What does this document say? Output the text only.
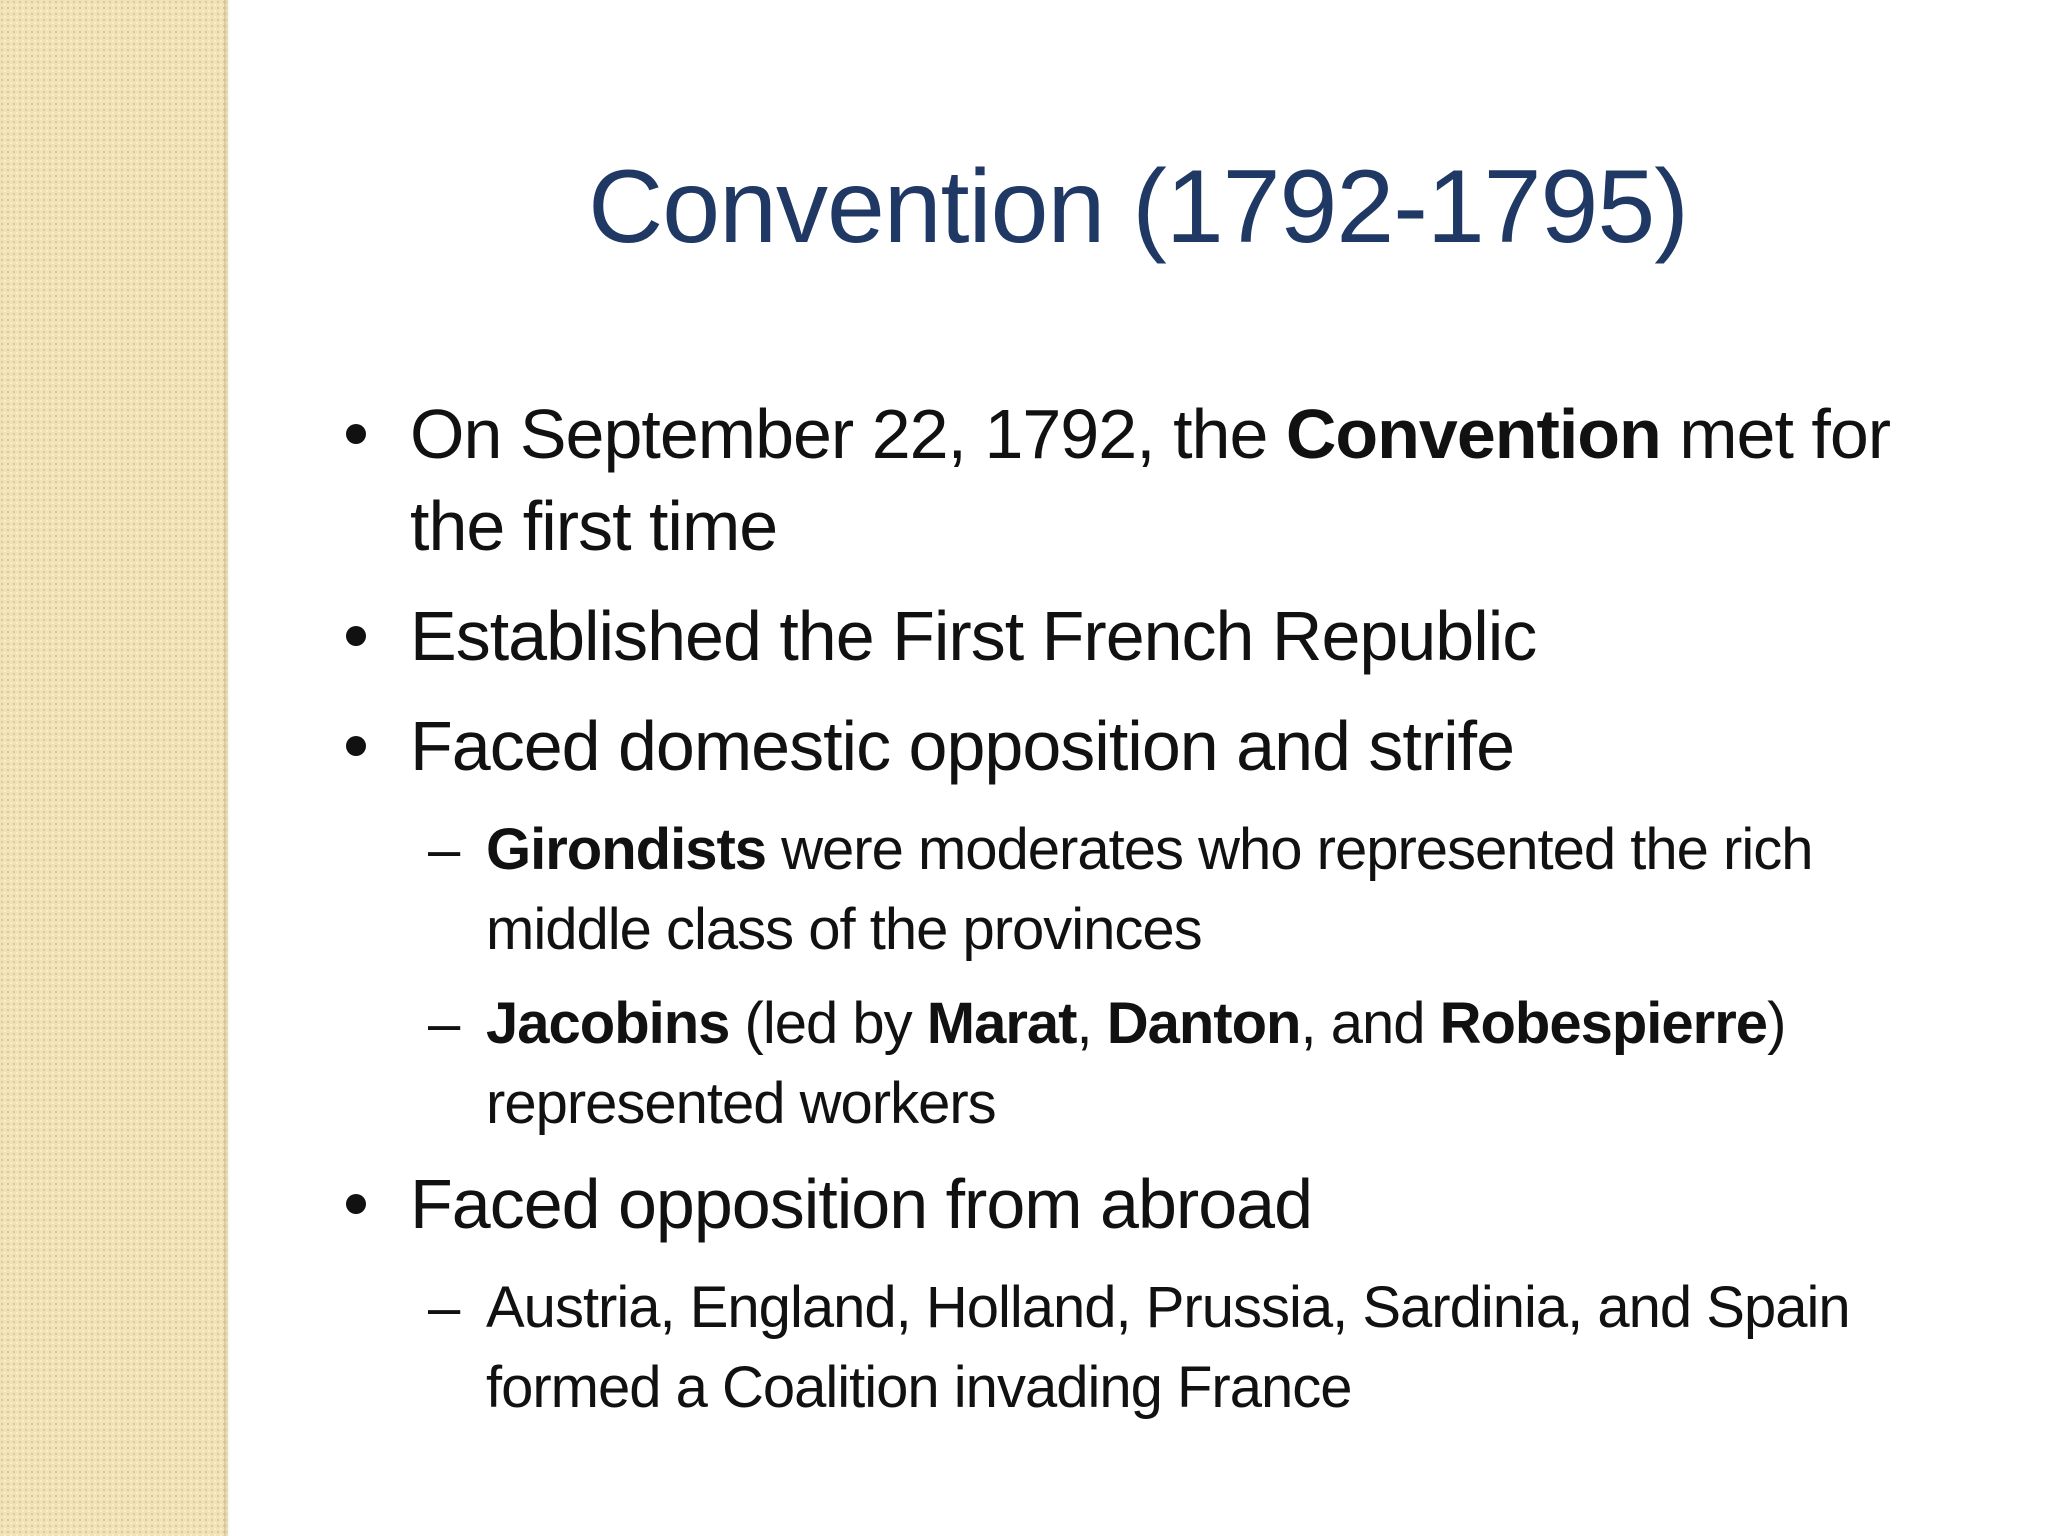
Convention (1792-1795)
On September 22, 1792, the Convention met for the first time
Established the First French Republic
Faced domestic opposition and strife
– Girondists were moderates who represented the rich middle class of the provinces
– Jacobins (led by Marat, Danton, and Robespierre) represented workers
Faced opposition from abroad
– Austria, England, Holland, Prussia, Sardinia, and Spain formed a Coalition invading France
